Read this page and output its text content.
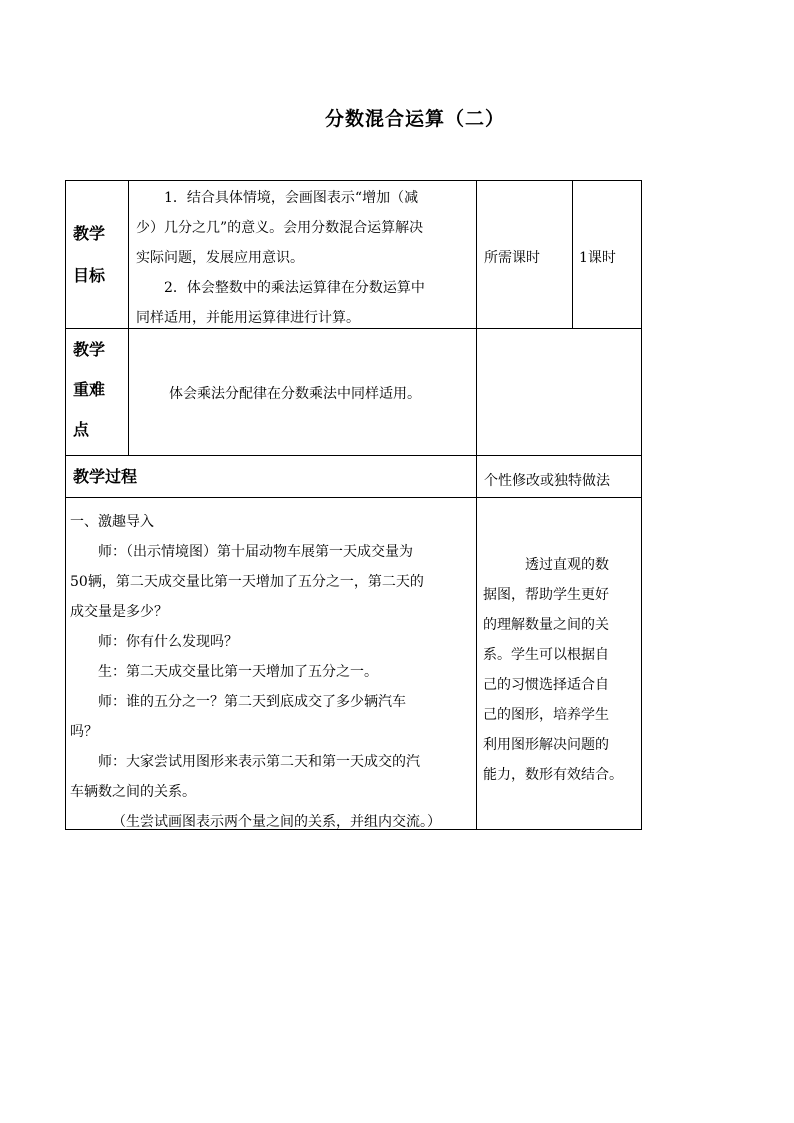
分数混合运算（二）
教学
目标
1．结合具体情境，会画图表示“增加（减
少）几分之几”的意义。会用分数混合运算解决
实际问题，发展应用意识。
2．体会整数中的乘法运算律在分数运算中
同样适用，并能用运算律进行计算。
所需课时	1课时
教学
重难
点
体会乘法分配律在分数乘法中同样适用。
教学过程	个性修改或独特做法
一、激趣导入
师：（出示情境图）第十届动物车展第一天成交量为
50辆，第二天成交量比第一天增加了五分之一，第二天的
成交量是多少？
师：你有什么发现吗？
生：第二天成交量比第一天增加了五分之一。
师：谁的五分之一？第二天到底成交了多少辆汽车
吗？
师：大家尝试用图形来表示第二天和第一天成交的汽
车辆数之间的关系。
（生尝试画图表示两个量之间的关系，并组内交流。）
透过直观的数
据图，帮助学生更好
的理解数量之间的关
系。学生可以根据自
己的习惯选择适合自
己的图形，培养学生
利用图形解决问题的
能力，数形有效结合。
